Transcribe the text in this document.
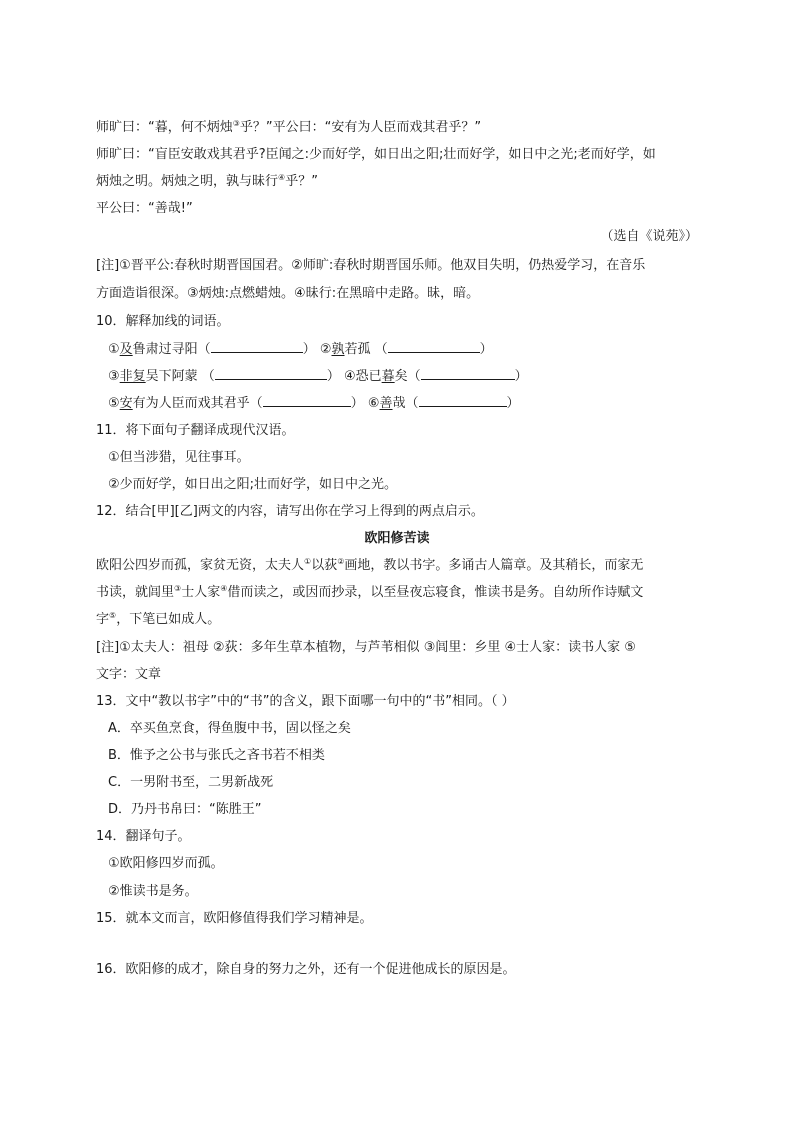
师旷曰：“暮，何不炳烛③乎？”平公曰：“安有为人臣而戏其君乎？”
师旷曰：“盲臣安敢戏其君乎?臣闻之:少而好学，如日出之阳;壮而好学，如日中之光;老而好学，如
炳烛之明。炳烛之明，孰与昧行④乎？”
平公曰：“善哉!”
（选自《说苑》）
[注]①晋平公:春秋时期晋国国君。②师旷:春秋时期晋国乐师。他双目失明，仍热爱学习，在音乐
方面造诣很深。③炳烛:点燃蜡烛。④昧行:在黑暗中走路。昧，暗。
10．解释加线的词语。
①及鲁肃过寻阳（	） ②孰若孤 （	）
③非复吴下阿蒙 （	） ④恐已暮矣（	）
⑤安有为人臣而戏其君乎（	） ⑥善哉（	）
11．将下面句子翻译成现代汉语。
①但当涉猎，见往事耳。
②少而好学，如日出之阳;壮而好学，如日中之光。
12．结合[甲][乙]两文的内容，请写出你在学习上得到的两点启示。
欧阳修苦读
欧阳公四岁而孤，家贫无资，太夫人①以荻②画地，教以书字。多诵古人篇章。及其稍长，而家无
书读，就闾里③士人家④借而读之，或因而抄录，以至昼夜忘寝食，惟读书是务。自幼所作诗赋文
字⑤，下笔已如成人。
[注]①太夫人：祖母 ②荻：多年生草本植物，与芦苇相似 ③闾里：乡里 ④士人家：读书人家 ⑤
文字：文章
13．文中“教以书字”中的“书”的含义，跟下面哪一句中的“书”相同。（ ）
A．卒买鱼烹食，得鱼腹中书，固以怪之矣
B．惟予之公书与张氏之吝书若不相类
C．一男附书至，二男新战死
D．乃丹书帛曰：“陈胜王”
14．翻译句子。
①欧阳修四岁而孤。
②惟读书是务。
15．就本文而言，欧阳修值得我们学习精神是。
16．欧阳修的成才，除自身的努力之外，还有一个促进他成长的原因是。
